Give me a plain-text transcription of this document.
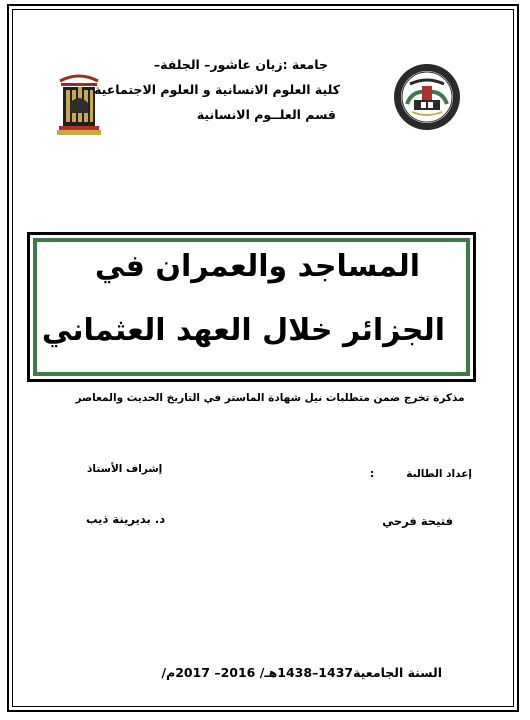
جامعة :زيان عاشور– الجلفة–
كلية العلوم الانسانية و العلوم الاجتماعية
قسم العلــوم الانسانية
المساجد والعمران في
الجزائر خلال العهد العثماني
مذكرة تخرج ضمن متطلبات نيل شهادة الماستر في التاريخ الحديث والمعاصر
إعداد الطالبة
:
إشراف الأستاذ
فتيحة فرحي
د. بديرينة ذيب
السنة الجامعية1437–1438هـ/ 2016– 2017م/
